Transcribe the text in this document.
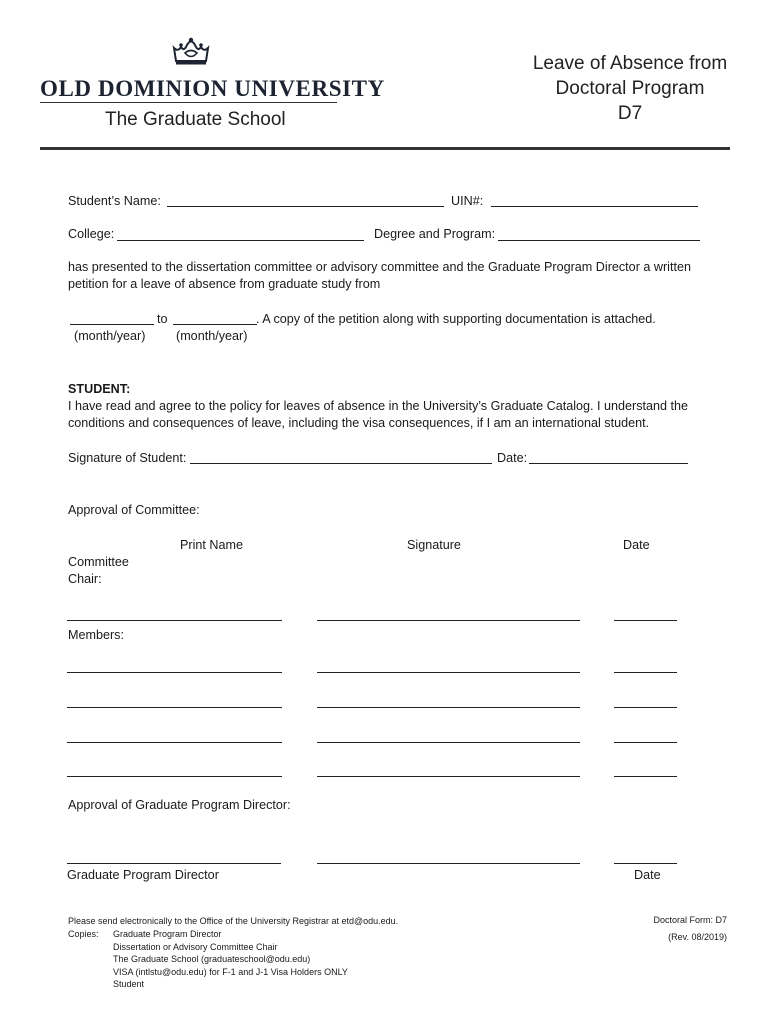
OLD DOMINION UNIVERSITY
The Graduate School
Leave of Absence from
Doctoral Program
D7
Student’s Name:	UIN#:
College:	Degree and Program:
has presented to the dissertation committee or advisory committee and the Graduate Program Director a written petition for a leave of absence from graduate study from
to	. A copy of the petition along with supporting documentation is attached.
(month/year) (month/year)
STUDENT:
I have read and agree to the policy for leaves of absence in the University’s Graduate Catalog. I understand the conditions and consequences of leave, including the visa consequences, if I am an international student.
Signature of Student:	Date:
Approval of Committee:
Print Name	Signature	Date
Committee
Chair:
Members:
Approval of Graduate Program Director:
Graduate Program Director	Date
Please send electronically to the Office of the University Registrar at etd@odu.edu.
Copies: Graduate Program Director
Dissertation or Advisory Committee Chair
The Graduate School (graduateschool@odu.edu)
VISA (intlstu@odu.edu) for F-1 and J-1 Visa Holders ONLY
Student
Doctoral Form: D7
(Rev. 08/2019)
